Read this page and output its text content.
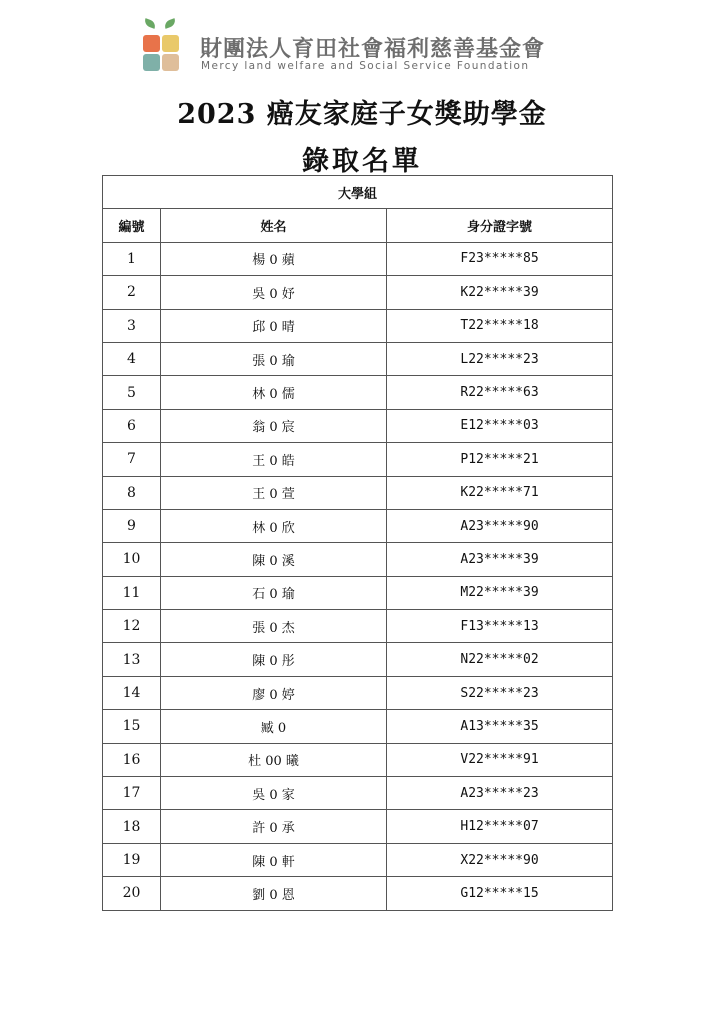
財團法人育田社會福利慈善基金會
Mercy land welfare and Social Service Foundation
2023 癌友家庭子女獎助學金
錄取名單
大學組		
編號	姓名	身分證字號
1	楊 0 蘋	F23*****85
2	吳 0 妤	K22*****39
3	邱 0 晴	T22*****18
4	張 0 瑜	L22*****23
5	林 0 儒	R22*****63
6	翁 0 宸	E12*****03
7	王 0 皓	P12*****21
8	王 0 萱	K22*****71
9	林 0 欣	A23*****90
10	陳 0 溪	A23*****39
11	石 0 瑜	M22*****39
12	張 0 杰	F13*****13
13	陳 0 彤	N22*****02
14	廖 0 婷	S22*****23
15	臧 0	A13*****35
16	杜 00 曦	V22*****91
17	吳 0 家	A23*****23
18	許 0 承	H12*****07
19	陳 0 軒	X22*****90
20	劉 0 恩	G12*****15
